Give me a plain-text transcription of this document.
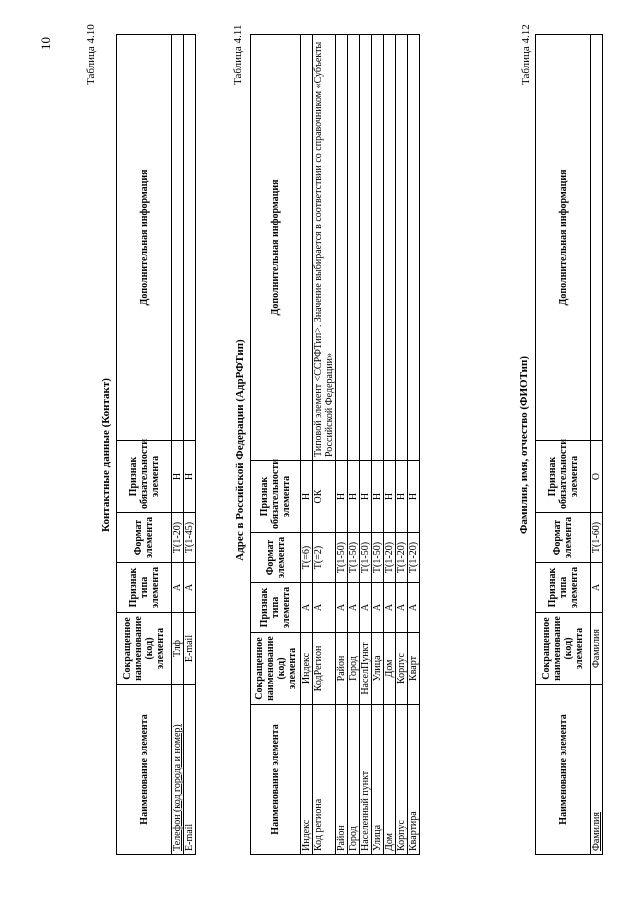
10	Таблица 4.10
Контактные данные (Контакт)
Наименование элемента	Сокращенное наименование (код) элемента	Признак типа элемента	Формат элемента	Признак обязательности элемента	Дополнительная информация
Телефон (код города и номер)	Тлф	A	T(1-20)	Н	
E-mail	E-mail	A	T(1-45)	Н	
Таблица 4.11
Адрес в Российской Федерации (АдрРФТип)
Наименование элемента	Сокращенное наименование (код) элемента	Признак типа элемента	Формат элемента	Признак обязательности элемента	Дополнительная информация
Индекс	Индекс	A	T(=6)	Н	
Код региона	КодРегион	A	T(=2)	ОК	Типовой элемент <ССРФТип>. Значение выбирается в соответствии со справочником «Субъекты Российской Федерации»
Район	Район	A	T(1-50)	Н	
Город	Город	A	T(1-50)	Н	
Населенный пункт	НаселПункт	A	T(1-50)	Н	
Улица	Улица	A	T(1-50)	Н	
Дом	Дом	A	T(1-20)	Н	
Корпус	Корпус	A	T(1-20)	Н	
Квартира	Кварт	A	T(1-20)	Н	
Таблица 4.12
Фамилия, имя, отчество (ФИОТип)
Наименование элемента	Сокращенное наименование (код) элемента	Признак типа элемента	Формат элемента	Признак обязательности элемента	Дополнительная информация
Фамилия	Фамилия	A	T(1-60)	О	
